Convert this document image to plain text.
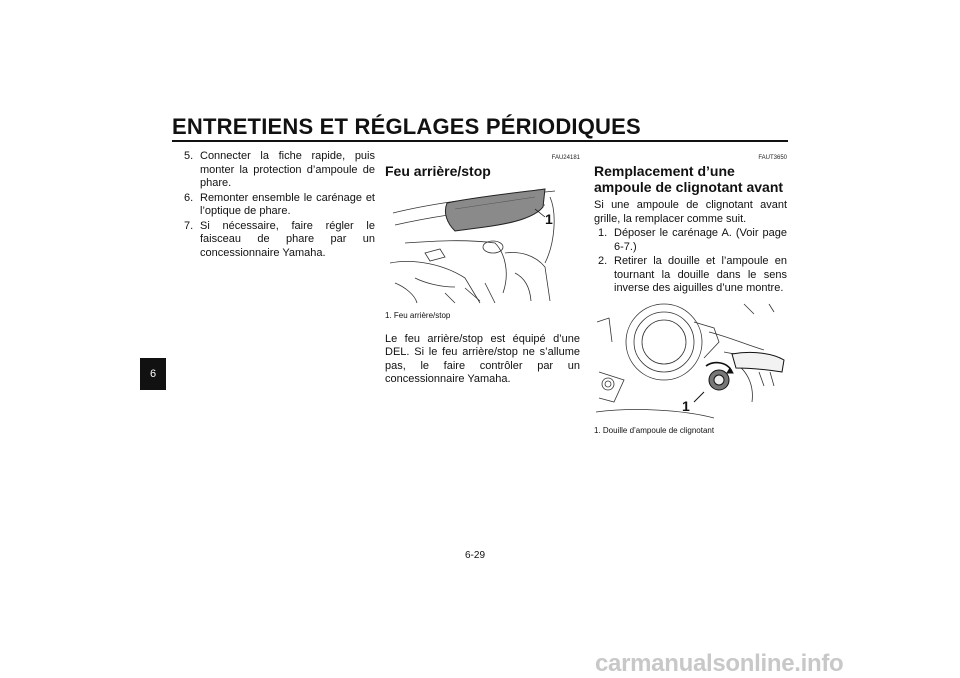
ENTRETIENS ET RÉGLAGES PÉRIODIQUES
6
5. Connecter la fiche rapide, puis monter la protection d’ampoule de phare.
6. Remonter ensemble le carénage et l’optique de phare.
7. Si nécessaire, faire régler le faisceau de phare par un concessionnaire Yamaha.
FAU24181
Feu arrière/stop
1
1. Feu arrière/stop

Le feu arrière/stop est équipé d’une DEL. Si le feu arrière/stop ne s’allume pas, le faire contrôler par un concessionnaire Yamaha.

FAUT3650
Remplacement d’une ampoule de clignotant avant

Si une ampoule de clignotant avant grille, la remplacer comme suit.

1. Déposer le carénage A. (Voir page 6-7.)
2. Retirer la douille et l’ampoule en tournant la douille dans le sens inverse des aiguilles d’une montre.
1
1. Douille d’ampoule de clignotant
6-29
carmanualsonline.info
